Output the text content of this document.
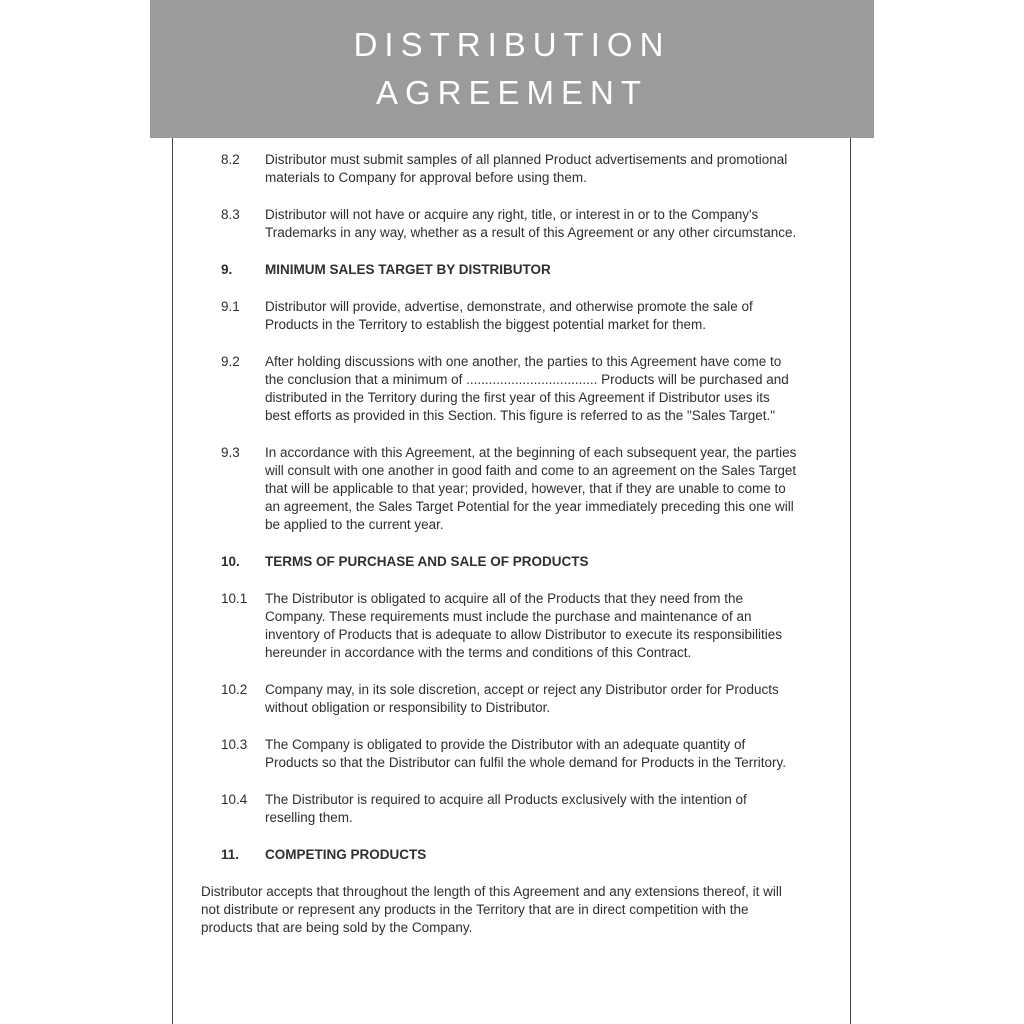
8.2	Distributor must submit samples of all planned Product advertisements and promotional materials to Company for approval before using them.
8.3	Distributor will not have or acquire any right, title, or interest in or to the Company's Trademarks in any way, whether as a result of this Agreement or any other circumstance.
9.	MINIMUM SALES TARGET BY DISTRIBUTOR
9.1	Distributor will provide, advertise, demonstrate, and otherwise promote the sale of Products in the Territory to establish the biggest potential market for them.
9.2	After holding discussions with one another, the parties to this Agreement have come to the conclusion that a minimum of ................................... Products will be purchased and distributed in the Territory during the first year of this Agreement if Distributor uses its best efforts as provided in this Section. This figure is referred to as the "Sales Target."
9.3	In accordance with this Agreement, at the beginning of each subsequent year, the parties will consult with one another in good faith and come to an agreement on the Sales Target that will be applicable to that year; provided, however, that if they are unable to come to an agreement, the Sales Target Potential for the year immediately preceding this one will be applied to the current year.
10.	TERMS OF PURCHASE AND SALE OF PRODUCTS
10.1	The Distributor is obligated to acquire all of the Products that they need from the Company. These requirements must include the purchase and maintenance of an inventory of Products that is adequate to allow Distributor to execute its responsibilities hereunder in accordance with the terms and conditions of this Contract.
10.2	Company may, in its sole discretion, accept or reject any Distributor order for Products without obligation or responsibility to Distributor.
10.3	The Company is obligated to provide the Distributor with an adequate quantity of Products so that the Distributor can fulfil the whole demand for Products in the Territory.
10.4	The Distributor is required to acquire all Products exclusively with the intention of reselling them.
11.	COMPETING PRODUCTS
Distributor accepts that throughout the length of this Agreement and any extensions thereof, it will not distribute or represent any products in the Territory that are in direct competition with the products that are being sold by the Company.
DISTRIBUTION
AGREEMENT
